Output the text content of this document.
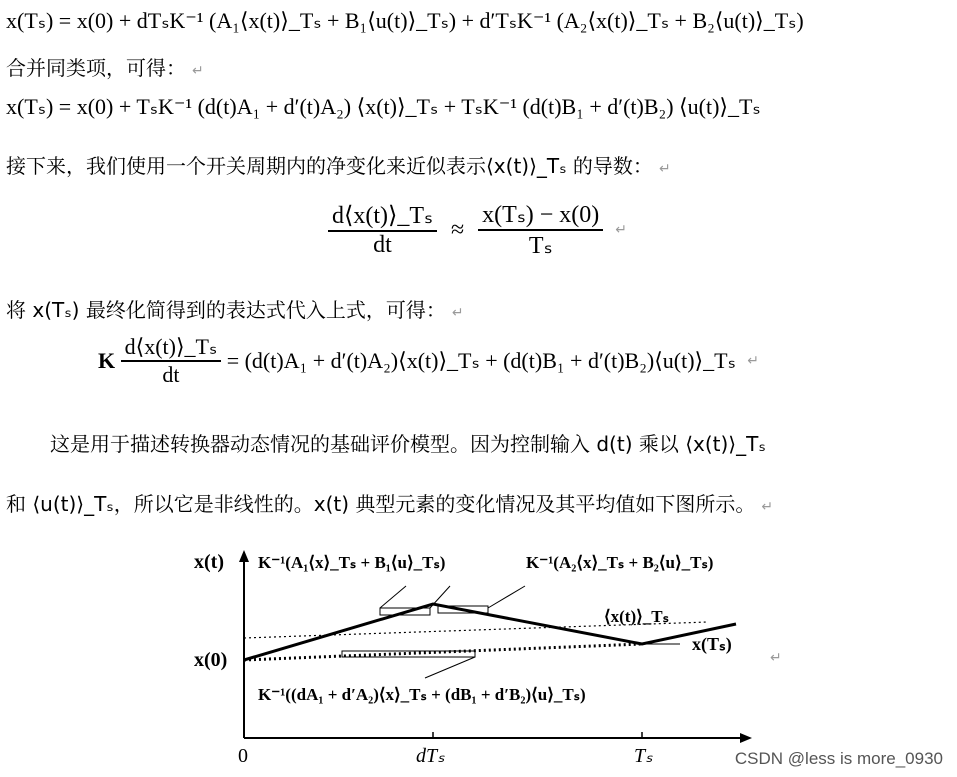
x(Tₛ) = x(0) + dTₛK⁻¹ (A₁⟨x(t)⟩_Tₛ + B₁⟨u(t)⟩_Tₛ) + d′TₛK⁻¹ (A₂⟨x(t)⟩_Tₛ + B₂⟨u(t)⟩_Tₛ)
合并同类项，可得： ↵
x(Tₛ) = x(0) + TₛK⁻¹ (d(t)A₁ + d′(t)A₂) ⟨x(t)⟩_Tₛ + TₛK⁻¹ (d(t)B₁ + d′(t)B₂) ⟨u(t)⟩_Tₛ
接下来，我们使用一个开关周期内的净变化来近似表示⟨x(t)⟩_Tₛ 的导数： ↵
$\frac{\text{d⟨x(t)⟩\_Tₛ}}{dt} \approx \frac{\text{x(Tₛ) − x(0)}}{\text{Tₛ}}$ ↵
将 x(Tₛ) 最终化简得到的表达式代入上式，可得： ↵
K $\frac{\text{d⟨x(t)⟩\_Tₛ}}{dt} = (d(t)A_1$ + d′(t)A₂)⟨x(t)⟩_Tₛ + (d(t)B₁ + d′(t)B₂)⟨u(t)⟩_Tₛ ↵
这是用于描述转换器动态情况的基础评价模型。因为控制输入 d(t) 乘以 ⟨x(t)⟩_Tₛ
和 ⟨u(t)⟩_Tₛ，所以它是非线性的。x(t) 典型元素的变化情况及其平均值如下图所示。 ↵
x(t)
x(0)
0	dTₛ	Tₛ
K⁻¹(A₁⟨x⟩_Tₛ + B₁⟨u⟩_Tₛ)	K⁻¹(A₂⟨x⟩_Tₛ + B₂⟨u⟩_Tₛ)
⟨x(t)⟩_Tₛ
x(Tₛ)
K⁻¹((dA₁ + d′A₂)⟨x⟩_Tₛ + (dB₁ + d′B₂)⟨u⟩_Tₛ)
↵
CSDN @less is more_0930
